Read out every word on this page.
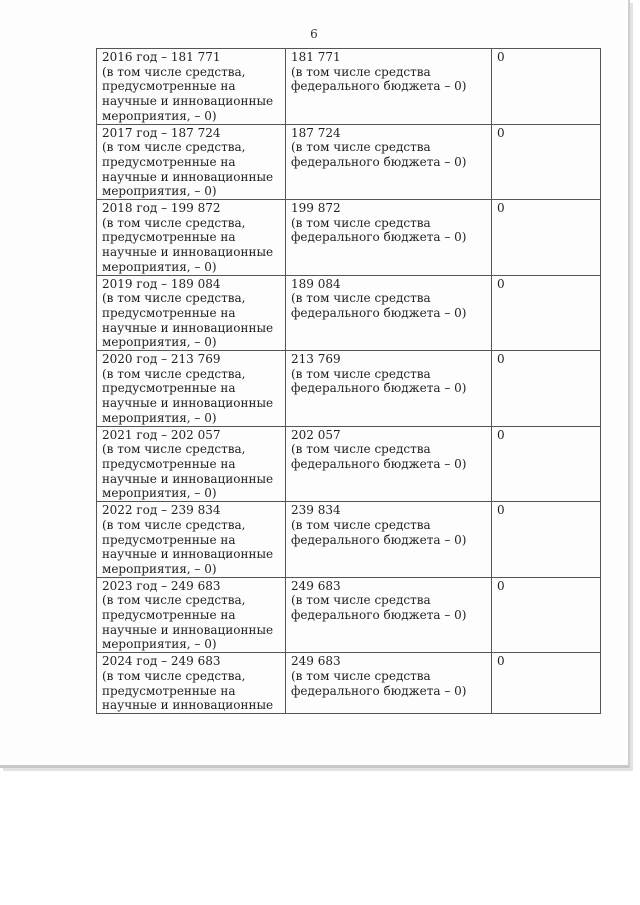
6
2016 год – 181 771
(в том числе средства,
предусмотренные на
научные и инновационные
мероприятия, – 0)	181 771
(в том числе средства
федерального бюджета – 0)	0

2017 год – 187 724
(в том числе средства,
предусмотренные на
научные и инновационные
мероприятия, – 0)	187 724
(в том числе средства
федерального бюджета – 0)	0

2018 год – 199 872
(в том числе средства,
предусмотренные на
научные и инновационные
мероприятия, – 0)	199 872
(в том числе средства
федерального бюджета – 0)	0

2019 год – 189 084
(в том числе средства,
предусмотренные на
научные и инновационные
мероприятия, – 0)	189 084
(в том числе средства
федерального бюджета – 0)	0

2020 год – 213 769
(в том числе средства,
предусмотренные на
научные и инновационные
мероприятия, – 0)	213 769
(в том числе средства
федерального бюджета – 0)	0

2021 год – 202 057
(в том числе средства,
предусмотренные на
научные и инновационные
мероприятия, – 0)	202 057
(в том числе средства
федерального бюджета – 0)	0

2022 год – 239 834
(в том числе средства,
предусмотренные на
научные и инновационные
мероприятия, – 0)	239 834
(в том числе средства
федерального бюджета – 0)	0

2023 год – 249 683
(в том числе средства,
предусмотренные на
научные и инновационные
мероприятия, – 0)	249 683
(в том числе средства
федерального бюджета – 0)	0

2024 год – 249 683
(в том числе средства,
предусмотренные на
научные и инновационные	249 683
(в том числе средства
федерального бюджета – 0)	0
